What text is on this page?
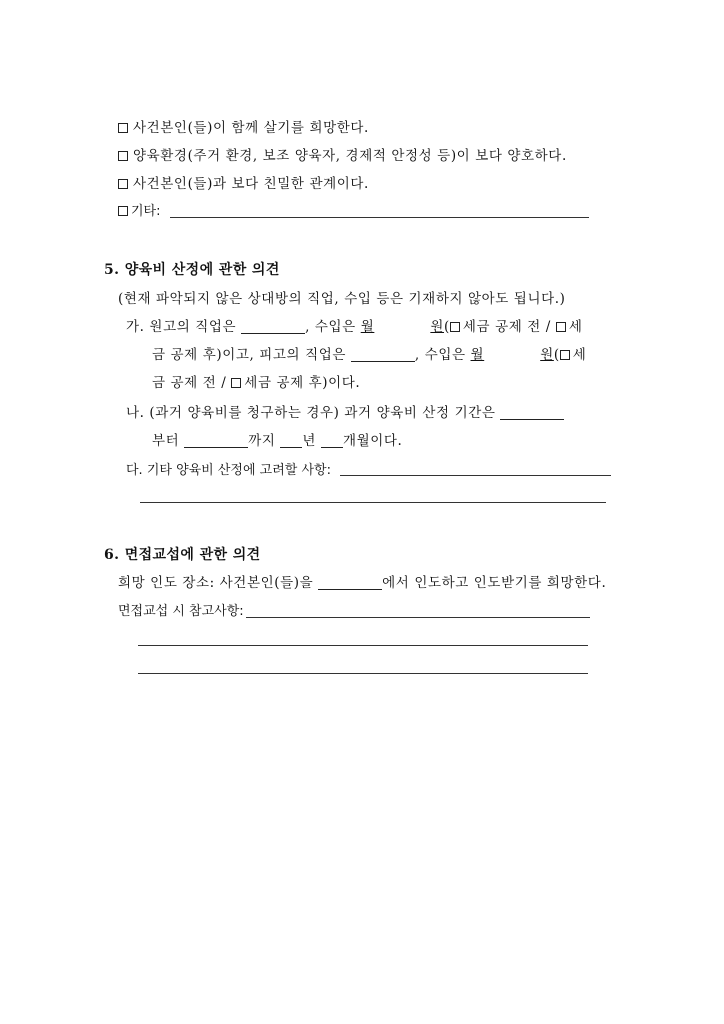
사건본인(들)이 함께 살기를 희망한다.
양육환경(주거 환경, 보조 양육자, 경제적 안정성 등)이 보다 양호하다.
사건본인(들)과 보다 친밀한 관계이다.
기타:
5. 양육비 산정에 관한 의견
(현재 파악되지 않은 상대방의 직업, 수입 등은 기재하지 않아도 됩니다.)
가. 원고의 직업은	, 수입은 월	원( 세금 공제 전 / 세
금 공제 후)이고, 피고의 직업은	, 수입은 월	원( 세
금 공제 전 / 세금 공제 후)이다.
나. (과거 양육비를 청구하는 경우) 과거 양육비 산정 기간은
부터	까지 년 개월이다.
다. 기타 양육비 산정에 고려할 사항:
6. 면접교섭에 관한 의견
희망 인도 장소: 사건본인(들)을	에서 인도하고 인도받기를 희망한다.
면접교섭 시 참고사항:
